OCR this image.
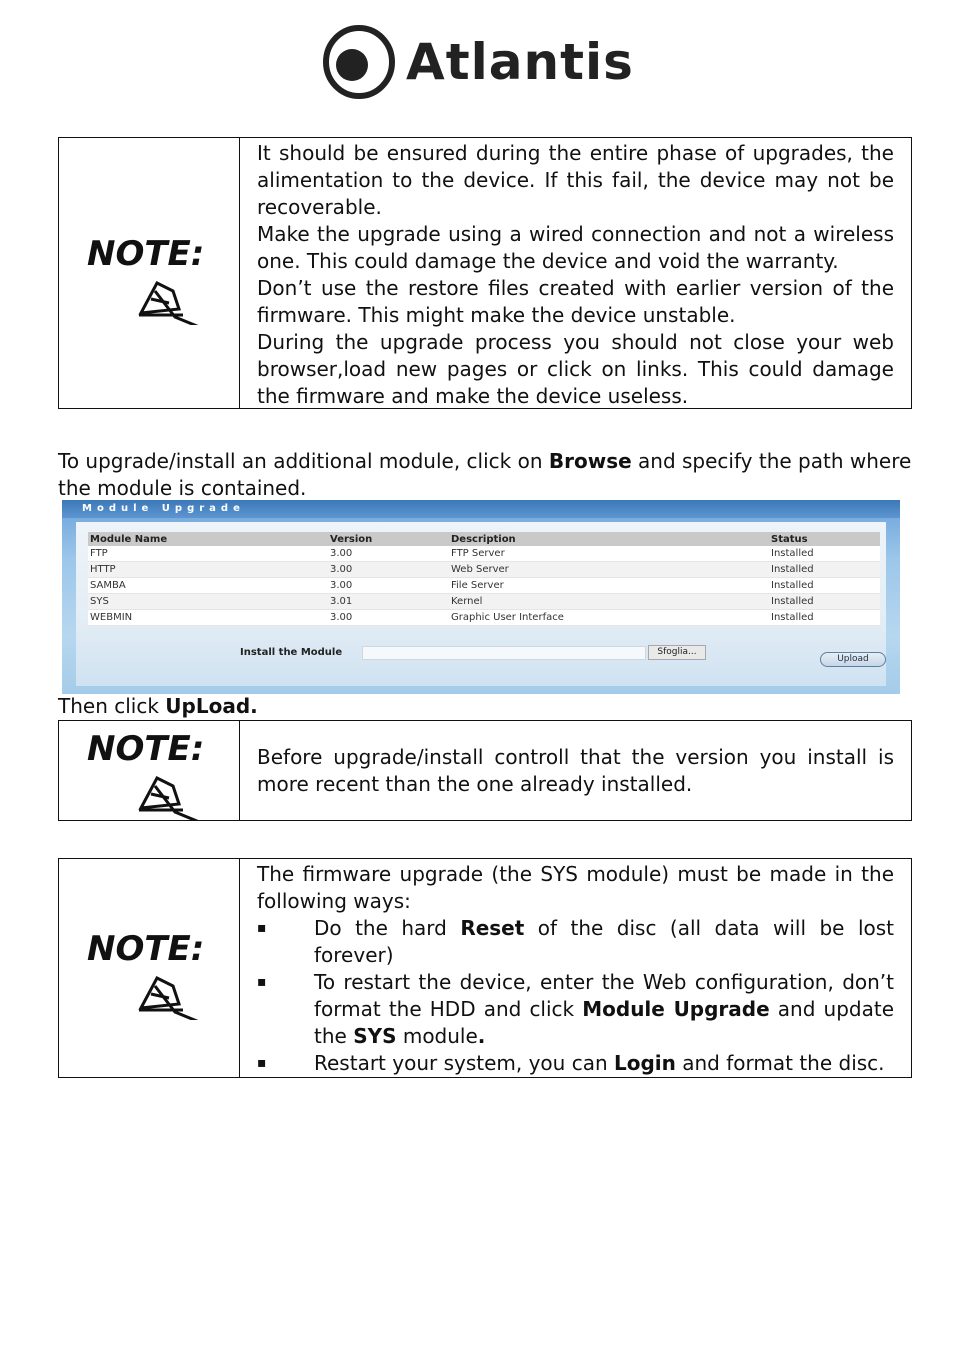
Atlantis
NOTE:

It should be ensured during the entire phase of upgrades, the alimentation to the device. If this fail, the device may not be recoverable.

Make the upgrade using a wired connection and not a wireless one. This could damage the device and void the warranty.

Don’t use the restore files created with earlier version of the firmware. This might make the device unstable.

During the upgrade process you should not close your web browser,load new pages or click on links. This could damage the firmware and make the device useless.

To upgrade/install an additional module, click on Browse and specify the path where the module is contained.
Module Upgrade
Module Name	Version	Description	Status
FTP	3.00	FTP Server	Installed
HTTP	3.00	Web Server	Installed
SAMBA	3.00	File Server	Installed
SYS	3.01	Kernel	Installed
WEBMIN	3.00	Graphic User Interface	Installed
Install the Module	Sfoglia...
Upload
Then click UpLoad.
NOTE:	Before upgrade/install controll that the version you install is more recent than the one already installed.

NOTE:

The firmware upgrade (the SYS module) must be made in the following ways:

▪	Do the hard Reset of the disc (all data will be lost forever)
▪	To restart the device, enter the Web configuration, don’t format the HDD and click Module Upgrade and update the SYS module.
▪	Restart your system, you can Login and format the disc.
